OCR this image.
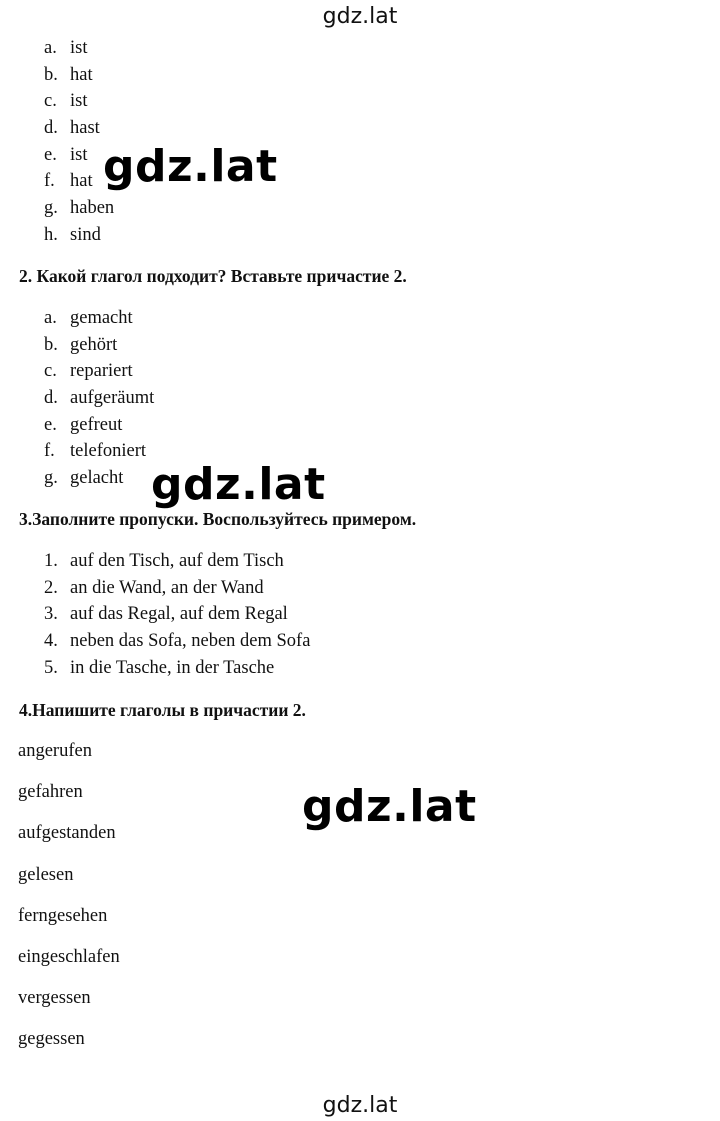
gdz.lat
a. ist
b. hat
c. ist
d. hast
e. ist
f. hat
g. haben
h. sind
2. Какой глагол подходит? Вставьте причастие 2.
a. gemacht
b. gehört
c. repariert
d. aufgeräumt
e. gefreut
f. telefoniert
g. gelacht
3.Заполните пропуски. Воспользуйтесь примером.
1. auf den Tisch, auf dem Tisch
2. an die Wand, an der Wand
3. auf das Regal, auf dem Regal
4. neben das Sofa, neben dem Sofa
5. in die Tasche, in der Tasche
4.Напишите глаголы в причастии 2.
angerufen
gefahren
aufgestanden
gelesen
ferngesehen
eingeschlafen
vergessen
gegessen
gdz.lat
gdz.lat
gdz.lat
gdz.lat
